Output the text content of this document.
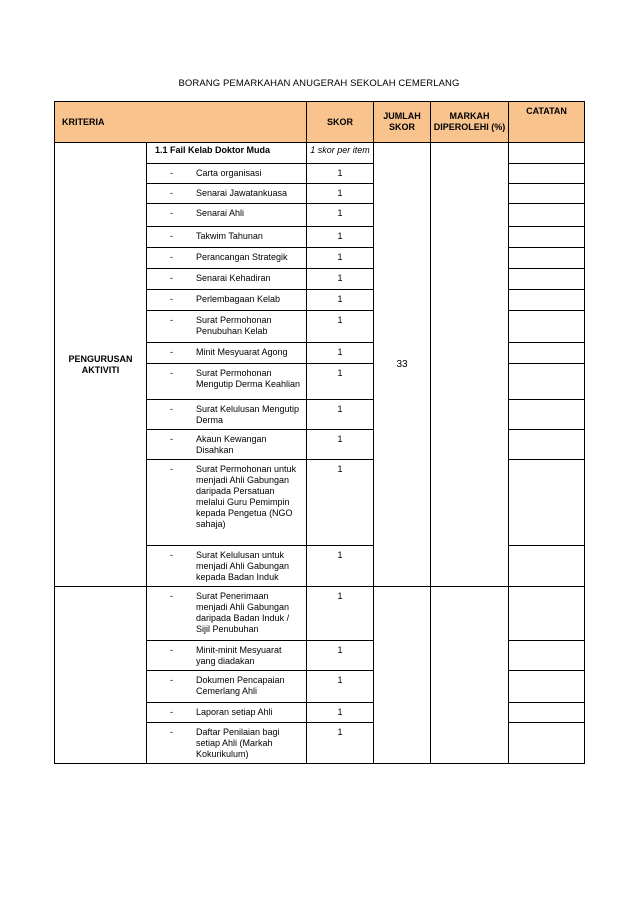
BORANG PEMARKAHAN ANUGERAH SEKOLAH CEMERLANG
KRITERIA		SKOR	JUMLAH SKOR	MARKAH DIPEROLEHI (%)	CATATAN
PENGURUSAN AKTIVITI	1.1 Fail Kelab Doktor Muda	1 skor per item	33		

	- Carta organisasi	1			

	- Senarai Jawatankuasa	1			

	- Senarai Ahli	1			

	- Takwim Tahunan	1			

	- Perancangan Strategik	1			

	- Senarai Kehadiran	1			

	- Perlembagaan Kelab	1			

	- Surat Permohonan Penubuhan Kelab	1			

	- Minit Mesyuarat Agong	1			

	- Surat Permohonan Mengutip Derma Keahlian	1			

	- Surat Kelulusan Mengutip Derma	1			

	- Akaun Kewangan Disahkan	1			

	- Surat Permohonan untuk menjadi Ahli Gabungan daripada Persatuan melalui Guru Pemimpin kepada Pengetua (NGO sahaja)	1			

	- Surat Kelulusan untuk menjadi Ahli Gabungan kepada Badan Induk	1			

	- Surat Penerimaan menjadi Ahli Gabungan daripada Badan Induk / Sijil Penubuhan	1			

	- Minit-minit Mesyuarat yang diadakan	1			

	- Dokumen Pencapaian Cemerlang Ahli	1			

	- Laporan setiap Ahli	1			

	- Daftar Penilaian bagi setiap Ahli (Markah Kokurikulum)	1			
